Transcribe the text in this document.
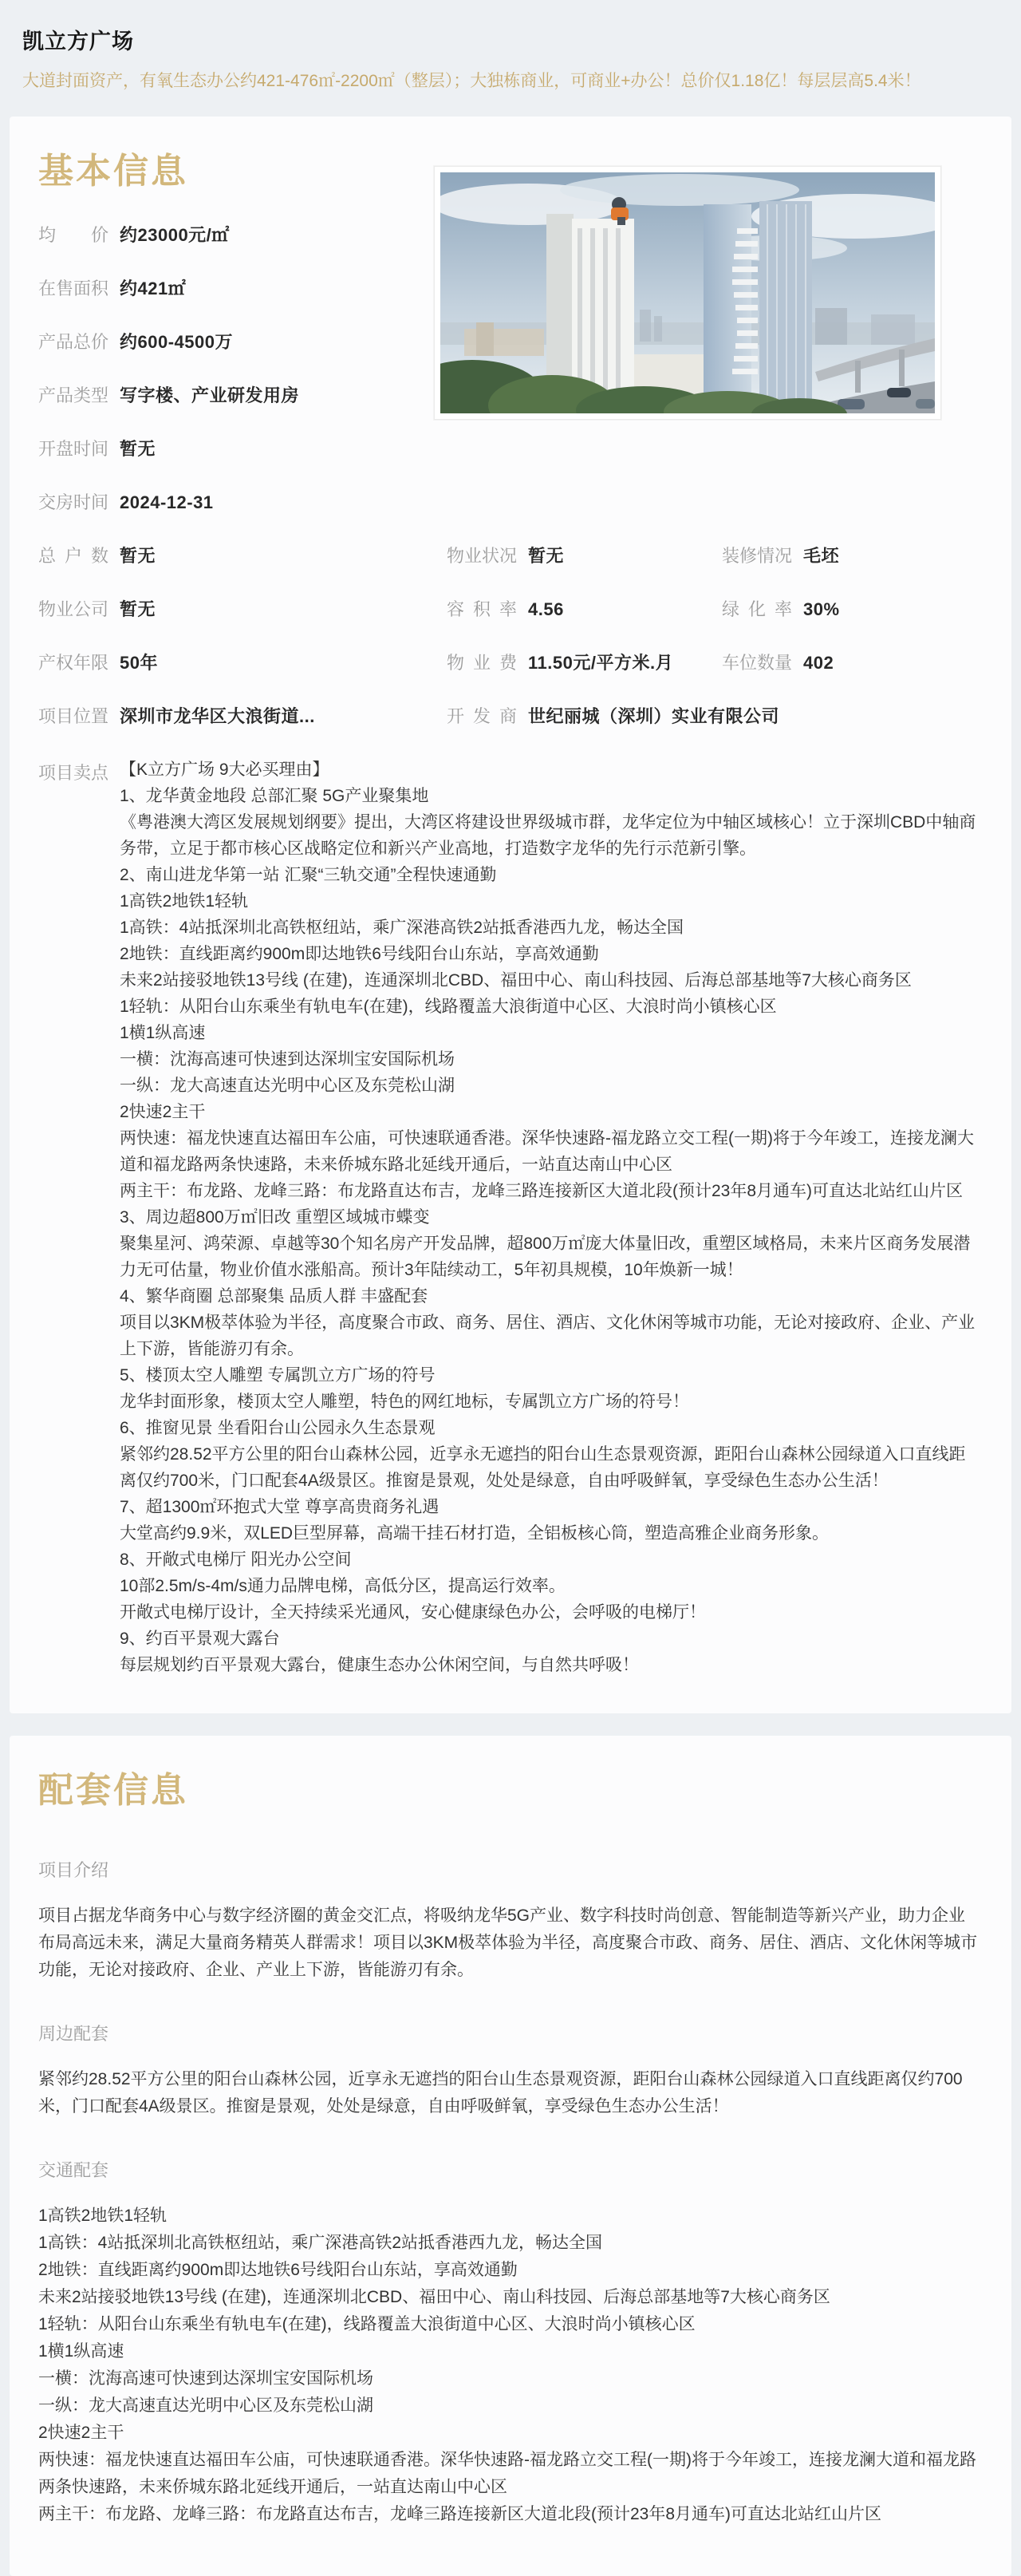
凯立方广场
大道封面资产，有氧生态办公约421-476㎡-2200㎡（整层）；大独栋商业，可商业+办公！总价仅1.18亿！每层层高5.4米！
基本信息
均价 约23000元/㎡
在售面积 约421㎡
产品总价 约600-4500万
产品类型 写字楼、产业研发用房
开盘时间 暂无
交房时间 2024-12-31
总户数 暂无	物业状况 暂无	装修情况 毛坯
物业公司 暂无	容积率 4.56	绿化率 30%
产权年限 50年	物业费 11.50元/平方米.月	车位数量 402
项目位置 深圳市龙华区大浪街道...	开发商 世纪丽城（深圳）实业有限公司
项目卖点 【K立方广场 9大必买理由】
1、龙华黄金地段 总部汇聚 5G产业聚集地
《粤港澳大湾区发展规划纲要》提出，大湾区将建设世界级城市群，龙华定位为中轴区域核心！立于深圳CBD中轴商务带，立足于都市核心区战略定位和新兴产业高地，打造数字龙华的先行示范新引擎。
2、南山进龙华第一站 汇聚“三轨交通”全程快速通勤
1高铁2地铁1轻轨
1高铁：4站抵深圳北高铁枢纽站，乘广深港高铁2站抵香港西九龙，畅达全国
2地铁：直线距离约900m即达地铁6号线阳台山东站，享高效通勤
未来2站接驳地铁13号线 (在建)，连通深圳北CBD、福田中心、南山科技园、后海总部基地等7大核心商务区
1轻轨：从阳台山东乘坐有轨电车(在建)，线路覆盖大浪街道中心区、大浪时尚小镇核心区
1横1纵高速
一横：沈海高速可快速到达深圳宝安国际机场
一纵：龙大高速直达光明中心区及东莞松山湖
2快速2主干
两快速：福龙快速直达福田车公庙，可快速联通香港。深华快速路-福龙路立交工程(一期)将于今年竣工，连接龙澜大道和福龙路两条快速路，未来侨城东路北延线开通后，一站直达南山中心区
两主干：布龙路、龙峰三路：布龙路直达布吉，龙峰三路连接新区大道北段(预计23年8月通车)可直达北站红山片区
3、周边超800万㎡旧改 重塑区域城市蝶变
聚集星河、鸿荣源、卓越等30个知名房产开发品牌，超800万㎡庞大体量旧改，重塑区域格局，未来片区商务发展潜力无可估量，物业价值水涨船高。预计3年陆续动工，5年初具规模，10年焕新一城！
4、繁华商圈 总部聚集 品质人群 丰盛配套
项目以3KM极萃体验为半径，高度聚合市政、商务、居住、酒店、文化休闲等城市功能，无论对接政府、企业、产业上下游，皆能游刃有余。
5、楼顶太空人雕塑 专属凯立方广场的符号
龙华封面形象，楼顶太空人雕塑，特色的网红地标，专属凯立方广场的符号！
6、推窗见景 坐看阳台山公园永久生态景观
紧邻约28.52平方公里的阳台山森林公园，近享永无遮挡的阳台山生态景观资源，距阳台山森林公园绿道入口直线距离仅约700米，门口配套4A级景区。推窗是景观，处处是绿意，自由呼吸鲜氧，享受绿色生态办公生活！
7、超1300㎡环抱式大堂 尊享高贵商务礼遇
大堂高约9.9米，双LED巨型屏幕，高端干挂石材打造，全铝板核心筒，塑造高雅企业商务形象。
8、开敞式电梯厅 阳光办公空间
10部2.5m/s-4m/s通力品牌电梯，高低分区，提高运行效率。
开敞式电梯厅设计，全天持续采光通风，安心健康绿色办公，会呼吸的电梯厅！
9、约百平景观大露台
每层规划约百平景观大露台，健康生态办公休闲空间，与自然共呼吸！
配套信息
项目介绍

项目占据龙华商务中心与数字经济圈的黄金交汇点，将吸纳龙华5G产业、数字科技时尚创意、智能制造等新兴产业，助力企业布局高远未来，满足大量商务精英人群需求！项目以3KM极萃体验为半径，高度聚合市政、商务、居住、酒店、文化休闲等城市功能，无论对接政府、企业、产业上下游，皆能游刃有余。

周边配套

紧邻约28.52平方公里的阳台山森林公园，近享永无遮挡的阳台山生态景观资源，距阳台山森林公园绿道入口直线距离仅约700米，门口配套4A级景区。推窗是景观，处处是绿意，自由呼吸鲜氧，享受绿色生态办公生活！

交通配套
1高铁2地铁1轻轨
1高铁：4站抵深圳北高铁枢纽站，乘广深港高铁2站抵香港西九龙，畅达全国
2地铁：直线距离约900m即达地铁6号线阳台山东站，享高效通勤
未来2站接驳地铁13号线 (在建)，连通深圳北CBD、福田中心、南山科技园、后海总部基地等7大核心商务区
1轻轨：从阳台山东乘坐有轨电车(在建)，线路覆盖大浪街道中心区、大浪时尚小镇核心区
1横1纵高速
一横：沈海高速可快速到达深圳宝安国际机场
一纵：龙大高速直达光明中心区及东莞松山湖
2快速2主干
两快速：福龙快速直达福田车公庙，可快速联通香港。深华快速路-福龙路立交工程(一期)将于今年竣工，连接龙澜大道和福龙路两条快速路，未来侨城东路北延线开通后，一站直达南山中心区
两主干：布龙路、龙峰三路：布龙路直达布吉，龙峰三路连接新区大道北段(预计23年8月通车)可直达北站红山片区
